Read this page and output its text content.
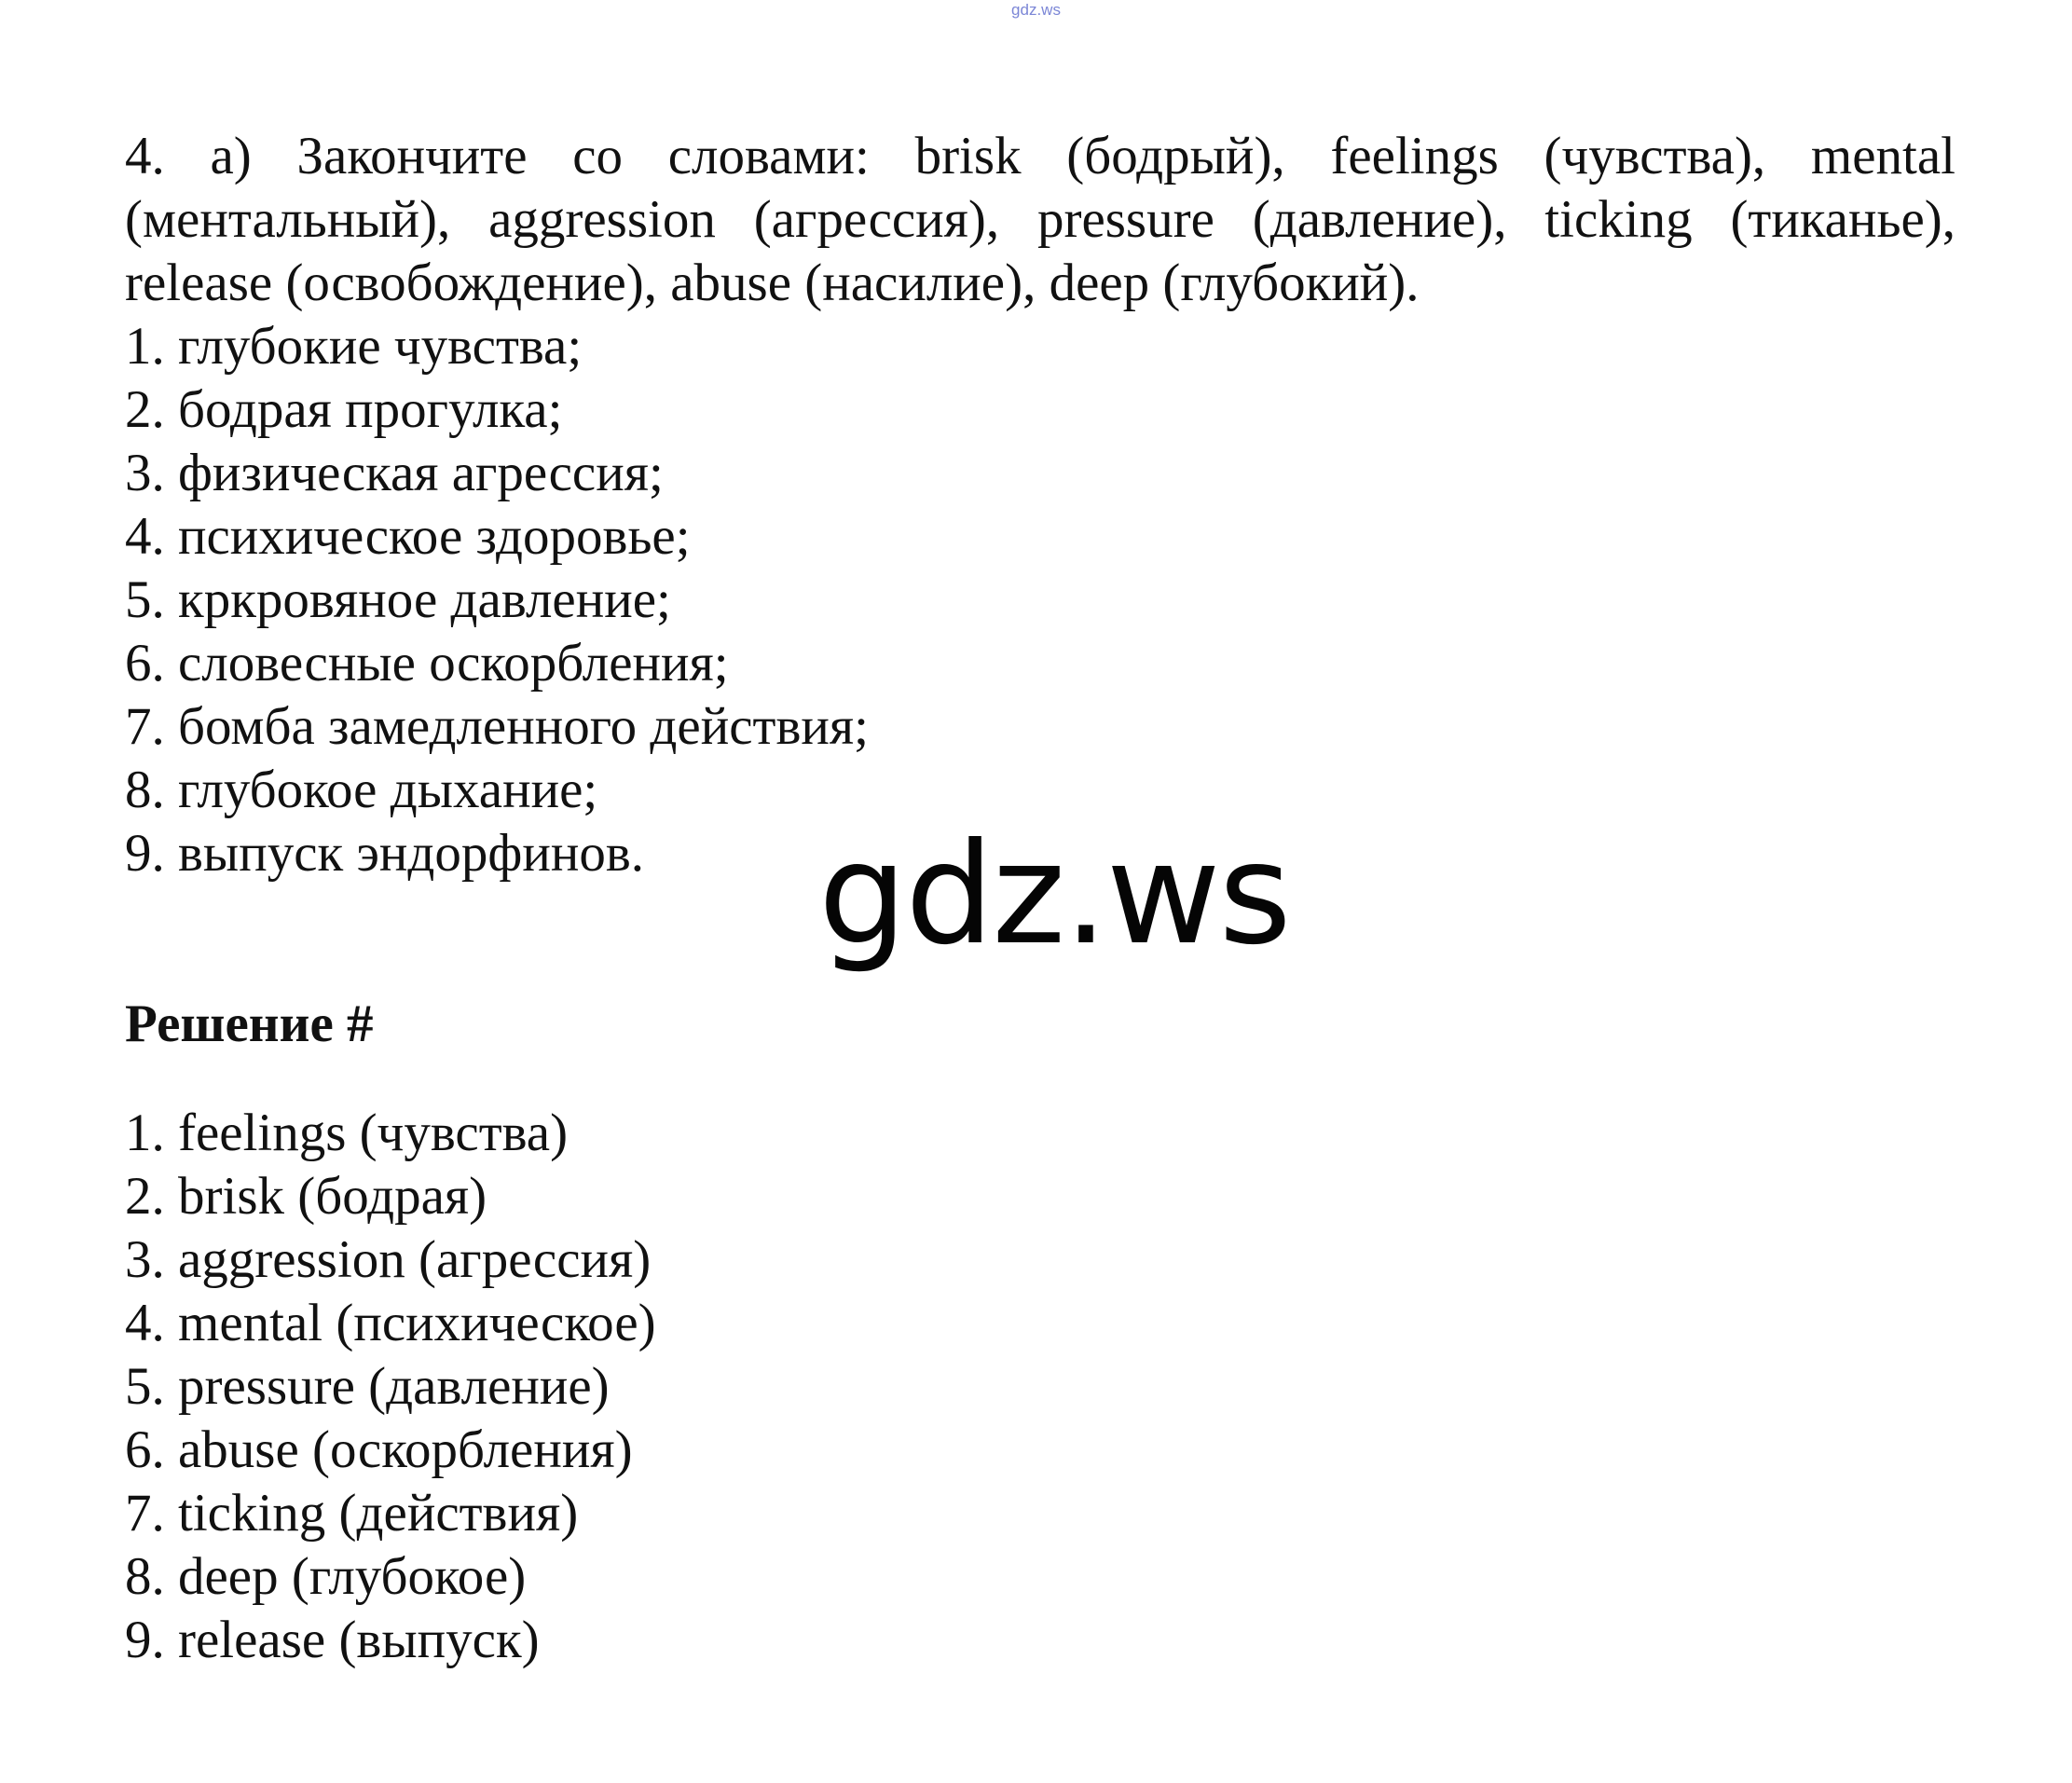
gdz.ws

4. а) Закончите со словами: brisk (бодрый), feelings (чувства), mental (ментальный), aggression (агрессия), pressure (давление), ticking (тиканье), release (освобождение), abuse (насилие), deep (глубокий).

1. глубокие чувства;
2. бодрая прогулка;
3. физическая агрессия;
4. психическое здоровье;
5. кркровяное давление;
6. словесные оскорбления;
7. бомба замедленного действия;
8. глубокое дыхание;
9. выпуск эндорфинов.	gdz.ws
Решение #
1. feelings (чувства)
2. brisk (бодрая)
3. aggression (агрессия)
4. mental (психическое)
5. pressure (давление)
6. abuse (оскорбления)
7. ticking (действия)
8. deep (глубокое)
9. release (выпуск)
